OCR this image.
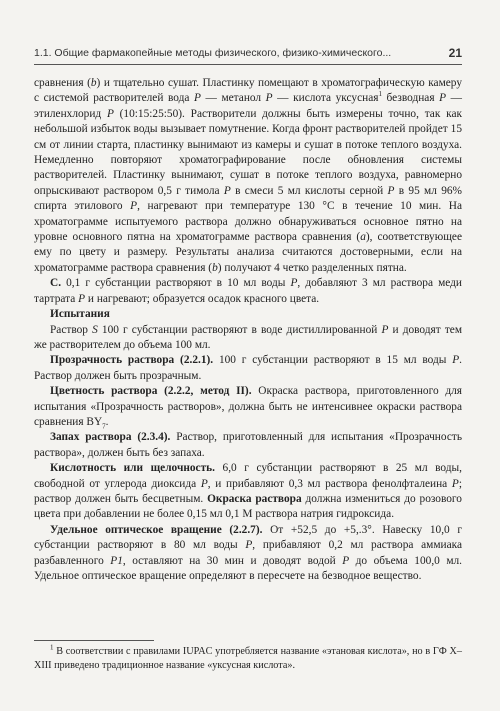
1.1. Общие фармакопейные методы физического, физико-химического...	21

сравнения (b) и тщательно сушат. Пластинку помещают в хроматографическую камеру с системой растворителей вода P — метанол P — кислота уксусная$^1$ безводная P — этиленхлорид P (10:15:25:50). Растворители должны быть измерены точно, так как небольшой избыток воды вызывает помутнение. Когда фронт растворителей пройдет 15 см от линии старта, пластинку вынимают из камеры и сушат в потоке теплого воздуха. Немедленно повторяют хроматографирование после обновления системы растворителей. Пластинку вынимают, сушат в потоке теплого воздуха, равномерно опрыскивают раствором 0,5 г тимола P в смеси 5 мл кислоты серной P в 95 мл 96% спирта этилового P, нагревают при температуре 130 °С в течение 10 мин. На хроматограмме испытуемого раствора должно обнаруживаться основное пятно на уровне основного пятна на хроматограмме раствора сравнения (а), соответствующее ему по цвету и размеру. Результаты анализа считаются достоверными, если на хроматограмме раствора сравнения (b) получают 4 четко разделенных пятна.

С. 0,1 г субстанции растворяют в 10 мл воды P, добавляют 3 мл раствора меди тартрата P и нагревают; образуется осадок красного цвета.

Испытания

Раствор S 100 г субстанции растворяют в воде дистиллированной P и доводят тем же растворителем до объема 100 мл.

Прозрачность раствора (2.2.1). 100 г субстанции растворяют в 15 мл воды P. Раствор должен быть прозрачным.

Цветность раствора (2.2.2, метод II). Окраска раствора, приготовленного для испытания «Прозрачность растворов», должна быть не интенсивнее окраски раствора сравнения $BY_7$.

Запах раствора (2.3.4). Раствор, приготовленный для испытания «Прозрачность раствора», должен быть без запаха.

Кислотность или щелочность. 6,0 г субстанции растворяют в 25 мл воды, свободной от углерода диоксида P, и прибавляют 0,3 мл раствора фенолфталеина P; раствор должен быть бесцветным. Окраска раствора должна измениться до розового цвета при добавлении не более 0,15 мл 0,1 М раствора натрия гидроксида.

Удельное оптическое вращение (2.2.7). От +52,5 до +5,.3°. Навеску 10,0 г субстанции растворяют в 80 мл воды P, прибавляют 0,2 мл раствора аммиака разбавленного P1, оставляют на 30 мин и доводят водой P до объема 100,0 мл. Удельное оптическое вращение определяют в пересчете на безводное вещество.

$^1$ В соответствии с правилами IUPAC употребляется название «этановая кислота», но в ГФ X–XIII приведено традиционное название «уксусная кислота».
